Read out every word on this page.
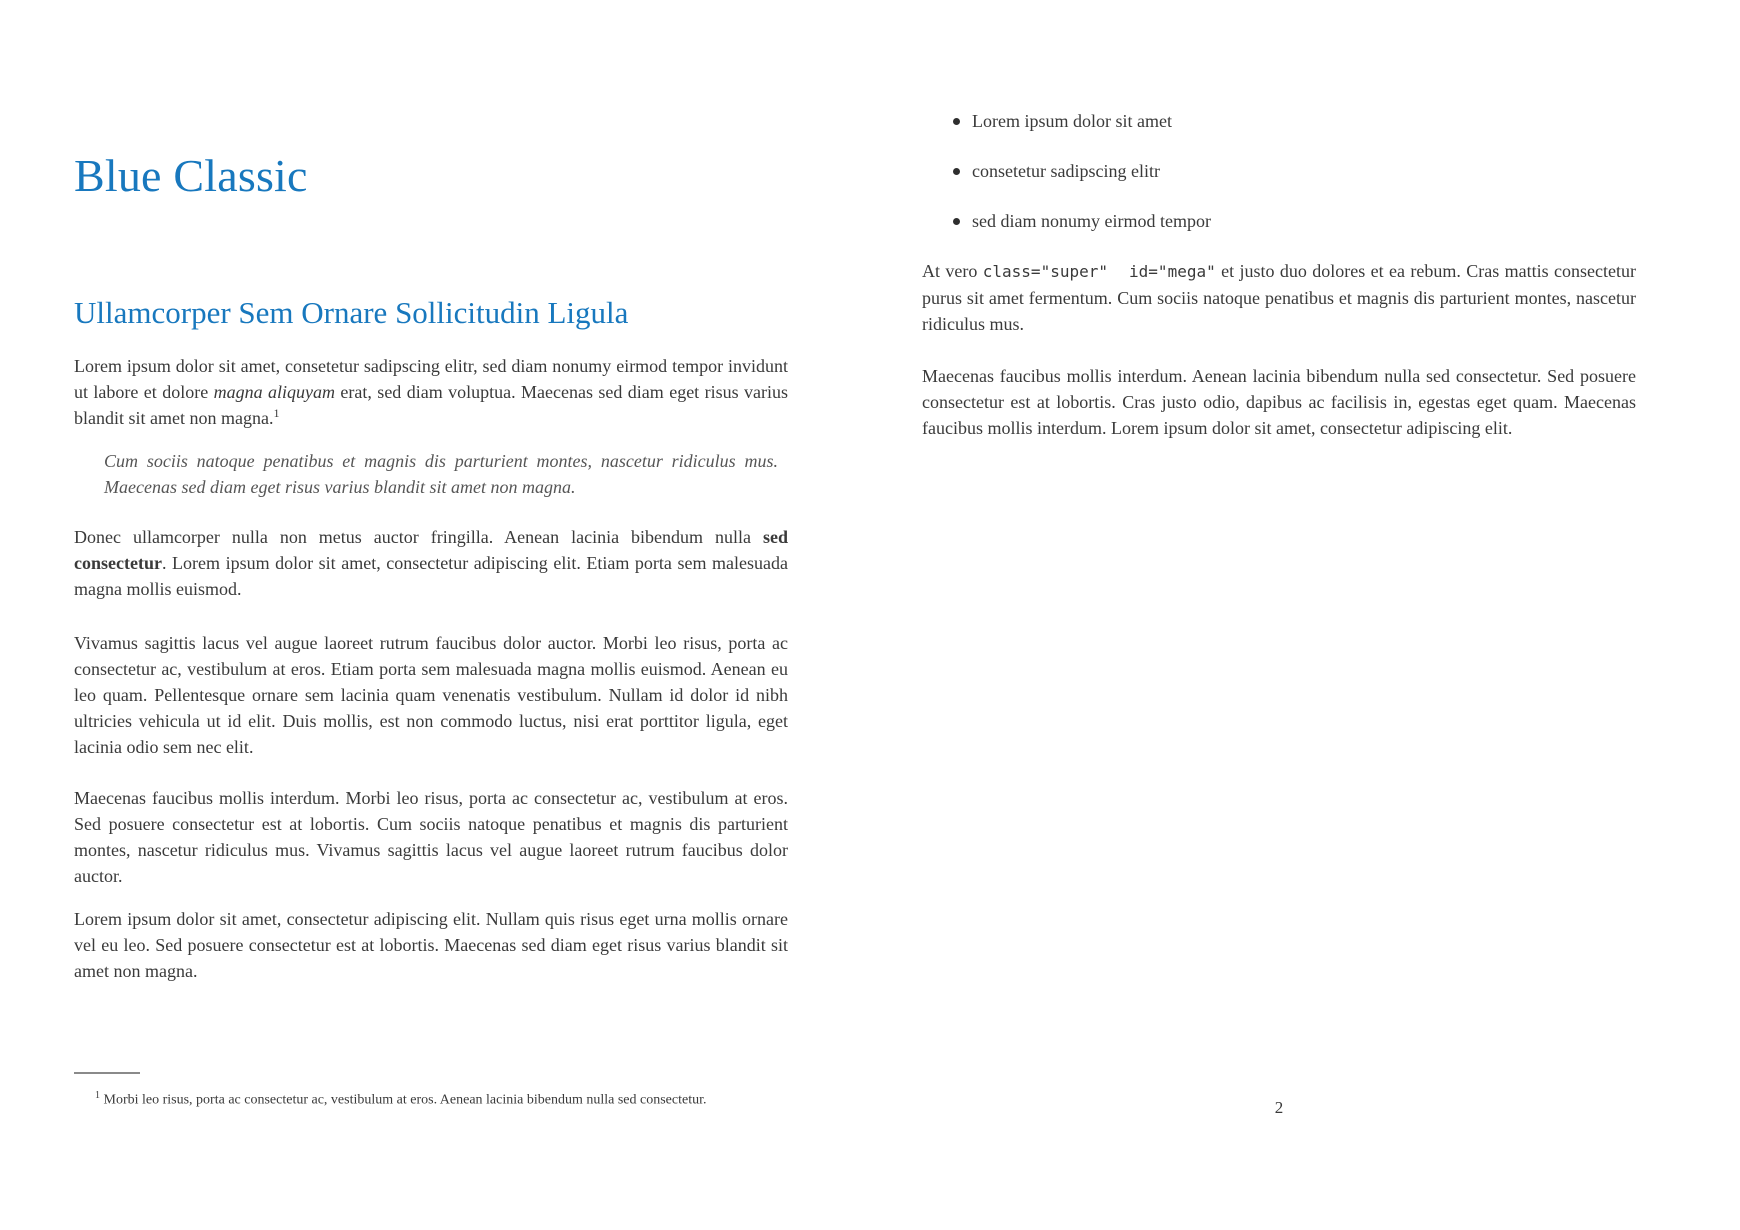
Blue Classic
Ullamcorper Sem Ornare Sollicitudin Ligula

Lorem ipsum dolor sit amet, consetetur sadipscing elitr, sed diam nonumy eirmod tempor invidunt ut labore et dolore magna aliquyam erat, sed diam voluptua. Maecenas sed diam eget risus varius blandit sit amet non magna.$^1$

Cum sociis natoque penatibus et magnis dis parturient montes, nascetur ridiculus mus. Maecenas sed diam eget risus varius blandit sit amet non magna.

Donec ullamcorper nulla non metus auctor fringilla. Aenean lacinia bibendum nulla sed consectetur. Lorem ipsum dolor sit amet, consectetur adipiscing elit. Etiam porta sem malesuada magna mollis euismod.

Vivamus sagittis lacus vel augue laoreet rutrum faucibus dolor auctor. Morbi leo risus, porta ac consectetur ac, vestibulum at eros. Etiam porta sem malesuada magna mollis euismod. Aenean eu leo quam. Pellentesque ornare sem lacinia quam venenatis vestibulum. Nullam id dolor id nibh ultricies vehicula ut id elit. Duis mollis, est non commodo luctus, nisi erat porttitor ligula, eget lacinia odio sem nec elit.

Maecenas faucibus mollis interdum. Morbi leo risus, porta ac consectetur ac, vestibulum at eros. Sed posuere consectetur est at lobortis. Cum sociis natoque penatibus et magnis dis parturient montes, nascetur ridiculus mus. Vivamus sagittis lacus vel augue laoreet rutrum faucibus dolor auctor.

Lorem ipsum dolor sit amet, consectetur adipiscing elit. Nullam quis risus eget urna mollis ornare vel eu leo. Sed posuere consectetur est at lobortis. Maecenas sed diam eget risus varius blandit sit amet non magna.

$^1$ Morbi leo risus, porta ac consectetur ac, vestibulum at eros. Aenean lacinia bibendum nulla sed consectetur.

Lorem ipsum dolor sit amet
consetetur sadipscing elitr
sed diam nonumy eirmod tempor

At vero class="super"  id="mega" et justo duo dolores et ea rebum. Cras mattis consectetur purus sit amet fermentum. Cum sociis natoque penatibus et magnis dis parturient montes, nascetur ridiculus mus.

Maecenas faucibus mollis interdum. Aenean lacinia bibendum nulla sed consectetur. Sed posuere consectetur est at lobortis. Cras justo odio, dapibus ac facilisis in, egestas eget quam. Maecenas faucibus mollis interdum. Lorem ipsum dolor sit amet, consectetur adipiscing elit.

2
